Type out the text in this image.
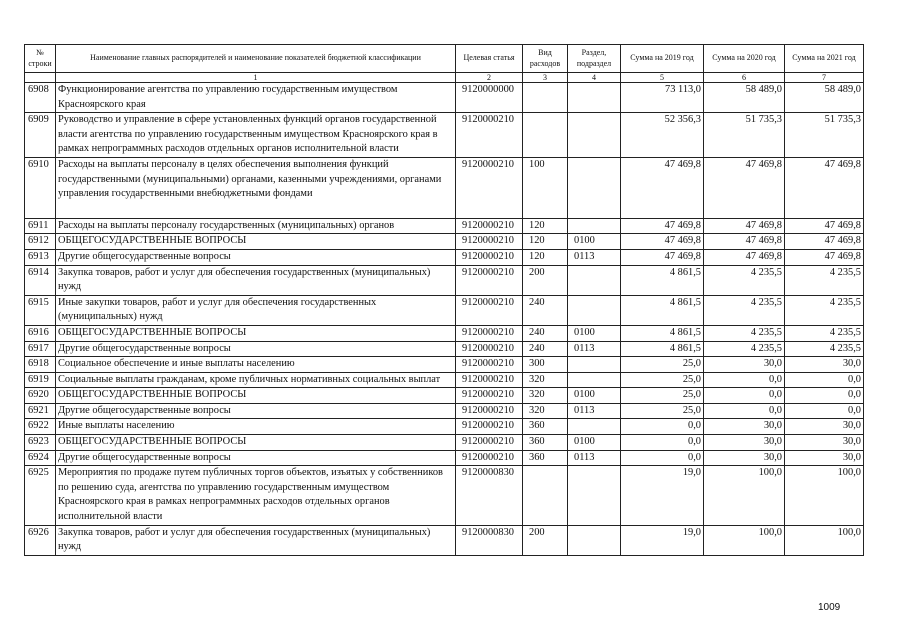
№ строки	Наименование главных распорядителей и наименование показателей бюджетной классификации	Целевая статья	Вид расходов	Раздел, подраздел	Сумма на 2019 год	Сумма на 2020 год	Сумма на 2021 год
	1	2	3	4	5	6	7
6908	Функционирование агентства по управлению государственным имуществом Красноярского края	9120000000			73 113,0	58 489,0	58 489,0
6909	Руководство и управление в сфере установленных функций органов государственной власти агентства по управлению государственным имуществом Красноярского края в рамках непрограммных расходов отдельных органов исполнительной власти	9120000210			52 356,3	51 735,3	51 735,3
6910	Расходы на выплаты персоналу в целях обеспечения выполнения функций государственными (муниципальными) органами, казенными учреждениями, органами управления государственными внебюджетными фондами	9120000210	100		47 469,8	47 469,8	47 469,8
6911	Расходы на выплаты персоналу государственных (муниципальных) органов	9120000210	120		47 469,8	47 469,8	47 469,8
6912	ОБЩЕГОСУДАРСТВЕННЫЕ ВОПРОСЫ	9120000210	120	0100	47 469,8	47 469,8	47 469,8
6913	Другие общегосударственные вопросы	9120000210	120	0113	47 469,8	47 469,8	47 469,8
6914	Закупка товаров, работ и услуг для обеспечения государственных (муниципальных) нужд	9120000210	200		4 861,5	4 235,5	4 235,5
6915	Иные закупки товаров, работ и услуг для обеспечения государственных (муниципальных) нужд	9120000210	240		4 861,5	4 235,5	4 235,5
6916	ОБЩЕГОСУДАРСТВЕННЫЕ ВОПРОСЫ	9120000210	240	0100	4 861,5	4 235,5	4 235,5
6917	Другие общегосударственные вопросы	9120000210	240	0113	4 861,5	4 235,5	4 235,5
6918	Социальное обеспечение и иные выплаты населению	9120000210	300		25,0	30,0	30,0
6919	Социальные выплаты гражданам, кроме публичных нормативных социальных выплат	9120000210	320		25,0	0,0	0,0
6920	ОБЩЕГОСУДАРСТВЕННЫЕ ВОПРОСЫ	9120000210	320	0100	25,0	0,0	0,0
6921	Другие общегосударственные вопросы	9120000210	320	0113	25,0	0,0	0,0
6922	Иные выплаты населению	9120000210	360		0,0	30,0	30,0
6923	ОБЩЕГОСУДАРСТВЕННЫЕ ВОПРОСЫ	9120000210	360	0100	0,0	30,0	30,0
6924	Другие общегосударственные вопросы	9120000210	360	0113	0,0	30,0	30,0
6925	Мероприятия по продаже путем публичных торгов объектов, изъятых у собственников по решению суда, агентства по управлению государственным имуществом Красноярского края в рамках непрограммных расходов отдельных органов исполнительной власти	9120000830			19,0	100,0	100,0
6926	Закупка товаров, работ и услуг для обеспечения государственных (муниципальных) нужд	9120000830	200		19,0	100,0	100,0
1009
